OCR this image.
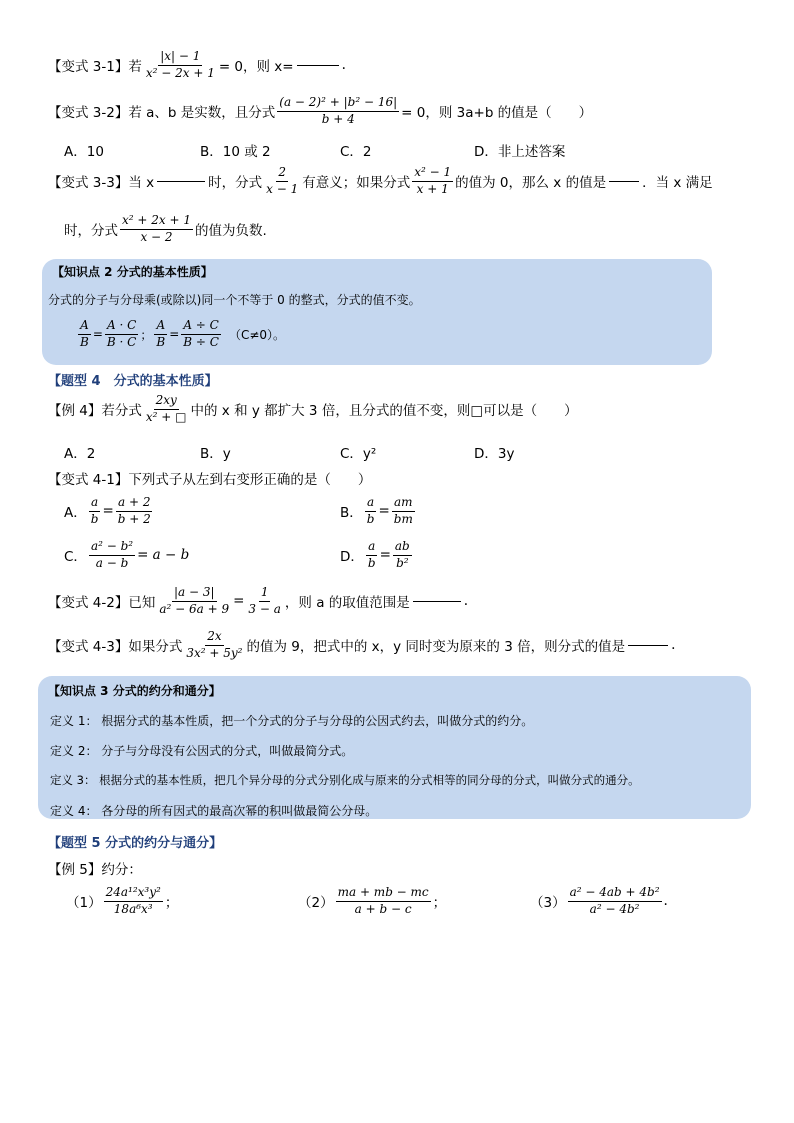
【变式 3-1】 若 $\frac{|x| - 1}{\text{x² − 2x + 1}} = 0$，则 x=	.
【变式 3-2】 若 a、b 是实数，且分式 $\frac{\text{(a − 2)² + |b² − 16|}}{b + 4} = 0$，则 3a+b 的值是（　　）
A．10	B．10 或 2	C．2	D．非上述答案
【变式 3-3】 当 x	时，分式 $\frac{2}{x - 1}$ 有意义；如果分式 $\frac{\text{x² − 1}}{x + 1}$ 的值为 0，那么 x 的值是	．当 x 满足
时，分式 $\frac{\text{x² + 2x + 1}}{x - 2}$ 的值为负数.
【知识点 2 分式的基本性质】
分式的分子与分母乘(或除以)同一个不等于 0 的整式，分式的值不变。
$\frac{A}{B} = \frac{A \cdot C}{B \cdot C}$ ； $\frac{A}{B} = \frac{A \div C}{B \div C} (C\ne 0)$。
【题型 4　分式的基本性质】
【例 4】 若分式 $\frac{2xy}{\text{x² + □}}$ 中的 x 和 y 都扩大 3 倍，且分式的值不变，则□可以是（　　）
A．2	B．y	C．y²	D．3y
【变式 4-1】 下列式子从左到右变形正确的是（　　）
A． $\frac{a}{b} = \frac{a + 2}{b + 2}$	B． $\frac{a}{b} = \frac{am}{bm}$
C． $\frac{\text{a² − b²}}{a - b} = a - b$	D． $\frac{a}{b} = \frac{ab}{\text{b²}}$
【变式 4-2】 已知 $\frac{|a - 3|}{\text{a² − 6a + 9}} = \frac{1}{3 - a}$ ，则 a 的取值范围是	.
【变式 4-3】 如果分式 $\frac{2x}{\text{3x² + 5y²}}$ 的值为 9，把式中的 x，y 同时变为原来的 3 倍，则分式的值是	.
【知识点 3 分式的约分和通分】
定义 1： 根据分式的基本性质，把一个分式的分子与分母的公因式约去，叫做分式的约分。
定义 2： 分子与分母没有公因式的分式，叫做最简分式。
定义 3： 根据分式的基本性质，把几个异分母的分式分别化成与原来的分式相等的同分母的分式，叫做分式的通分。
定义 4： 各分母的所有因式的最高次幂的积叫做最简公分母。
【题型 5 分式的约分与通分】
【例 5】 约分：
$(1) \frac{\text{24a¹²x³y²}}{\text{18a⁶x³}}$ ；	$(2) \frac{ma + mb - mc}{a + b - c}$ ；	$(3) \frac{\text{a² − 4ab + 4b²}}{\text{a² − 4b²}}$ .
